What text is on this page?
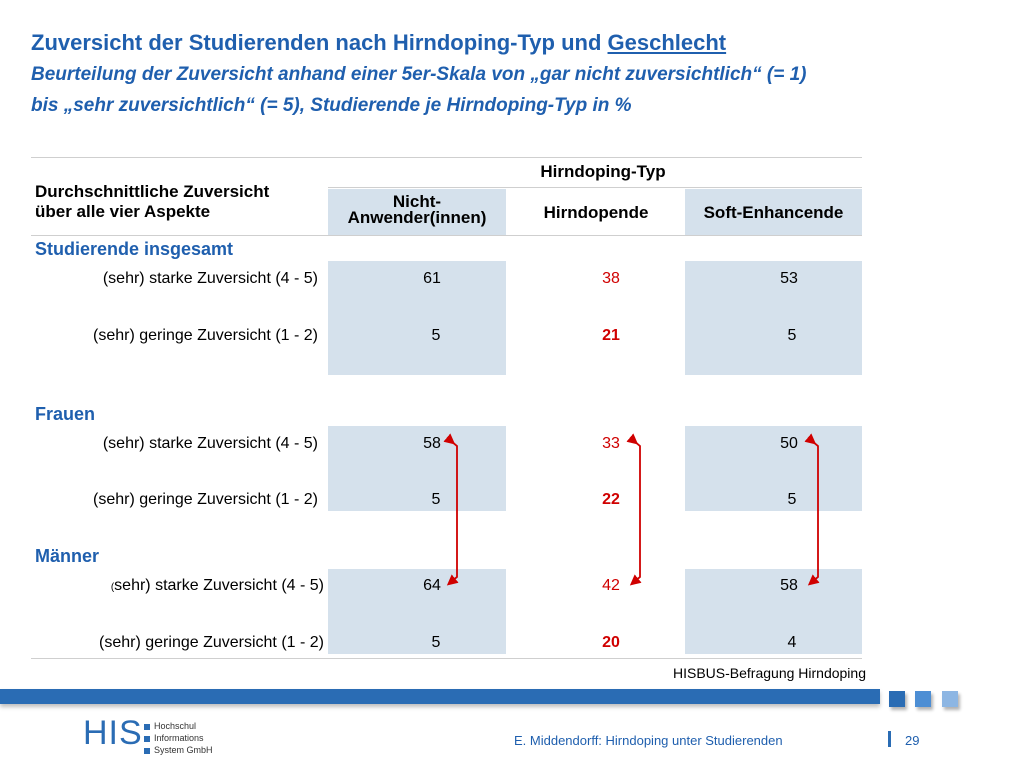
Zuversicht der Studierenden nach Hirndoping-Typ und Geschlecht
Beurteilung der Zuversicht anhand einer 5er-Skala von „gar nicht zuversichtlich“ (= 1)
bis „sehr zuversichtlich“ (= 5), Studierende je Hirndoping-Typ in %
Durchschnittliche Zuversicht
über alle vier Aspekte
Hirndoping-Typ
Nicht-
Anwender(innen)	Hirndopende	Soft-Enhancende
Studierende insgesamt
(sehr) starke Zuversicht (4 - 5)	61	38	53
(sehr) geringe Zuversicht (1 - 2)	5	21	5
Frauen
(sehr) starke Zuversicht (4 - 5)	58	33	50
(sehr) geringe Zuversicht (1 - 2)	5	22	5
Männer
(sehr) starke Zuversicht (4 - 5)	64	42	58
(sehr) geringe Zuversicht (1 - 2)	5	20	4
HISBUS-Befragung Hirndoping
HIS Hochschul
Informations
System GmbH
E. Middendorff: Hirndoping unter Studierenden	29
